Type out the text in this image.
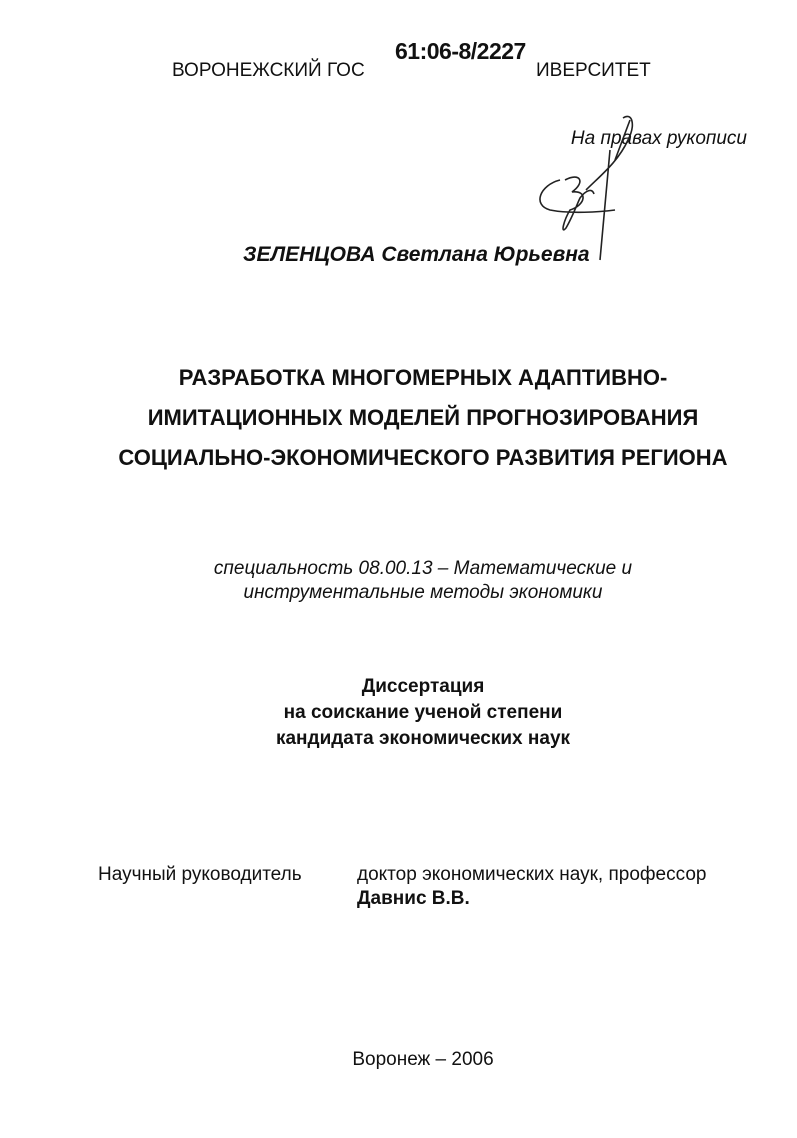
61:06-8/2227
ВОРОНЕЖСКИЙ ГОС	ИВЕРСИТЕТ
На правах рукописи
ЗЕЛЕНЦОВА Светлана Юрьевна
РАЗРАБОТКА МНОГОМЕРНЫХ АДАПТИВНО-
ИМИТАЦИОННЫХ МОДЕЛЕЙ ПРОГНОЗИРОВАНИЯ
СОЦИАЛЬНО-ЭКОНОМИЧЕСКОГО РАЗВИТИЯ РЕГИОНА
специальность 08.00.13 – Математические и
инструментальные методы экономики
Диссертация
на соискание ученой степени
кандидата экономических наук
Научный руководитель	доктор экономических наук, профессор
Давнис В.В.
Воронеж – 2006
